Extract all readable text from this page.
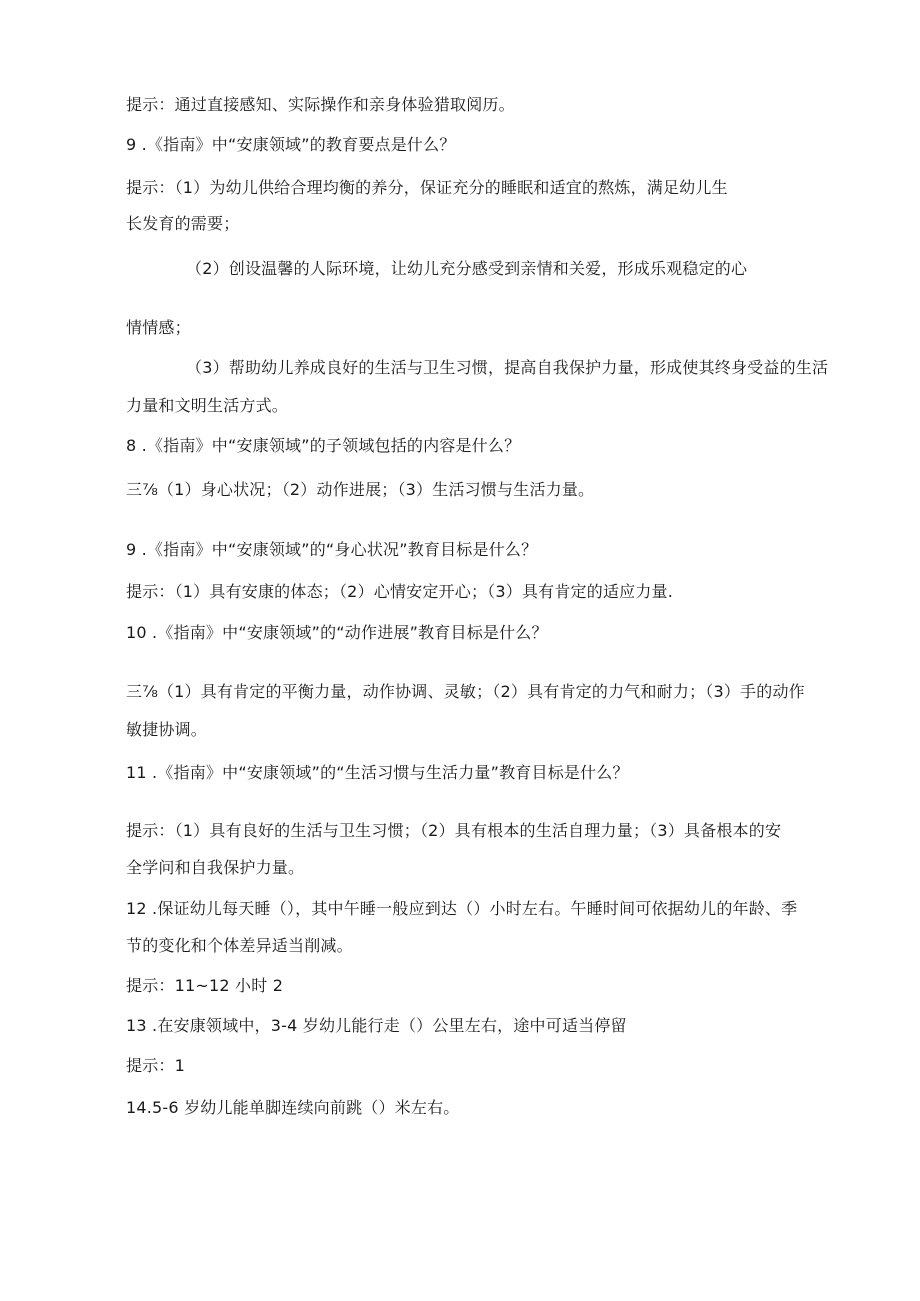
提示：通过直接感知、实际操作和亲身体验猎取阅历。
9 .《指南》中“安康领域”的教育要点是什么？
提示：（1）为幼儿供给合理均衡的养分，保证充分的睡眠和适宜的熬炼，满足幼儿生
长发育的需要；
（2）创设温馨的人际环境，让幼儿充分感受到亲情和关爱，形成乐观稳定的心
情情感；
（3）帮助幼儿养成良好的生活与卫生习惯，提高自我保护力量，形成使其终身受益的生活
力量和文明生活方式。
8 .《指南》中“安康领域”的子领域包括的内容是什么？
三⅞（1）身心状况；（2）动作进展；（3）生活习惯与生活力量。
9 .《指南》中“安康领域”的“身心状况”教育目标是什么？
提示：（1）具有安康的体态；（2）心情安定开心；（3）具有肯定的适应力量.
10 .《指南》中“安康领域”的“动作进展”教育目标是什么？
三⅞（1）具有肯定的平衡力量，动作协调、灵敏；（2）具有肯定的力气和耐力；（3）手的动作
敏捷协调。
11 .《指南》中“安康领域”的“生活习惯与生活力量”教育目标是什么？
提示：（1）具有良好的生活与卫生习惯；（2）具有根本的生活自理力量；（3）具备根本的安
全学问和自我保护力量。
12 .保证幼儿每天睡（），其中午睡一般应到达（）小时左右。午睡时间可依据幼儿的年龄、季
节的变化和个体差异适当削减。
提示：11~12 小时 2
13 .在安康领域中，3-4 岁幼儿能行走（）公里左右，途中可适当停留
提示：1
14.5-6 岁幼儿能单脚连续向前跳（）米左右。
